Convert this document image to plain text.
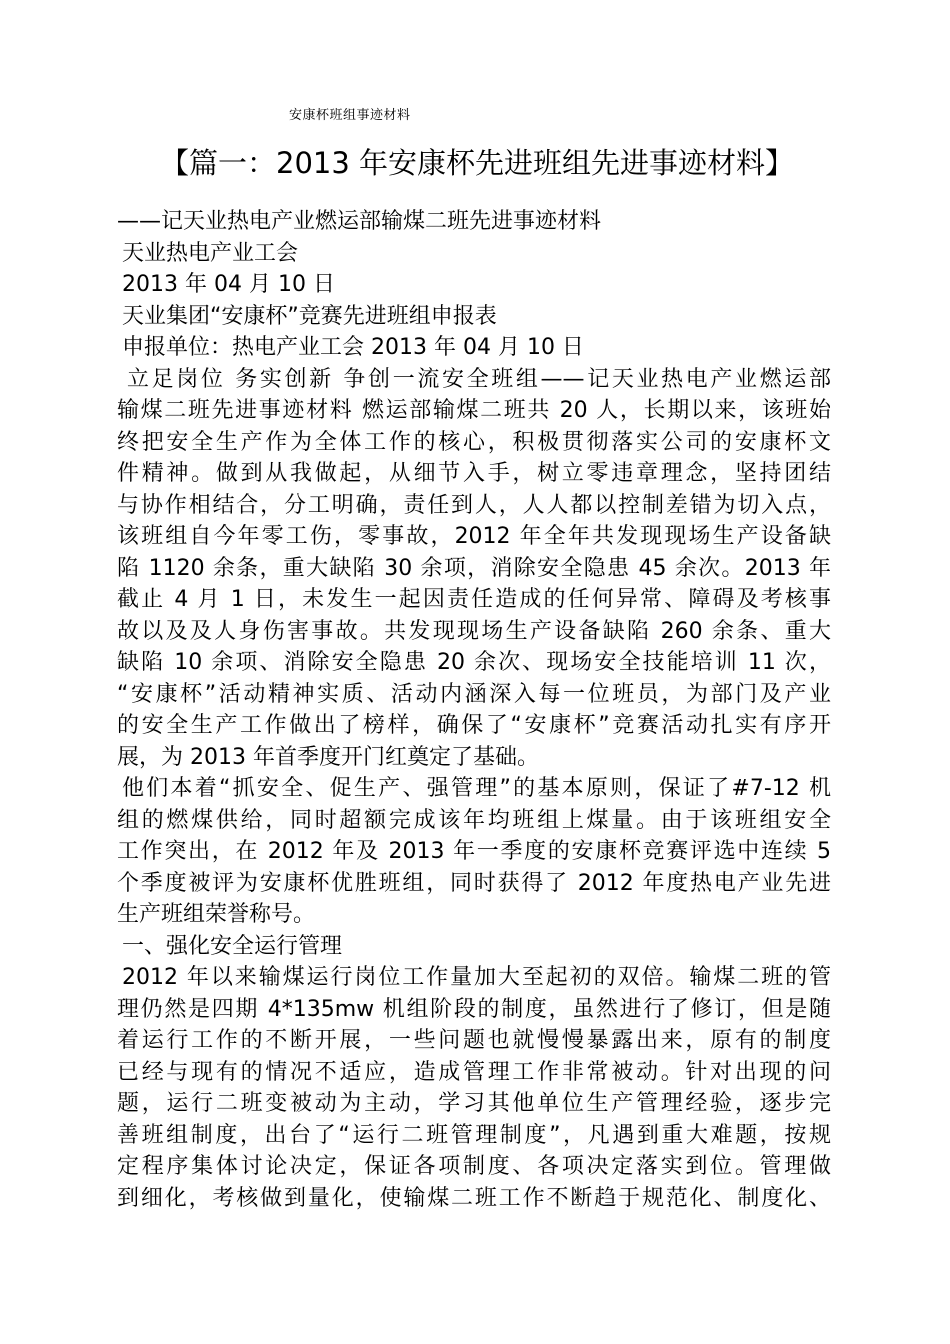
安康杯班组事迹材料
【篇一：2013 年安康杯先进班组先进事迹材料】
——记天业热电产业燃运部输煤二班先进事迹材料
天业热电产业工会
2013 年 04 月 10 日
天业集团“安康杯”竞赛先进班组申报表
申报单位：热电产业工会 2013 年 04 月 10 日
立足岗位 务实创新 争创一流安全班组——记天业热电产业燃运部
输煤二班先进事迹材料 燃运部输煤二班共 20 人，长期以来，该班始
终把安全生产作为全体工作的核心，积极贯彻落实公司的安康杯文
件精神。做到从我做起，从细节入手，树立零违章理念，坚持团结
与协作相结合，分工明确，责任到人，人人都以控制差错为切入点，
该班组自今年零工伤，零事故，2012 年全年共发现现场生产设备缺
陷 1120 余条，重大缺陷 30 余项，消除安全隐患 45 余次。2013 年
截止 4 月 1 日，未发生一起因责任造成的任何异常、障碍及考核事
故以及及人身伤害事故。共发现现场生产设备缺陷 260 余条、重大
缺陷 10 余项、消除安全隐患 20 余次、现场安全技能培训 11 次，
“安康杯”活动精神实质、活动内涵深入每一位班员，为部门及产业
的安全生产工作做出了榜样，确保了“安康杯”竞赛活动扎实有序开
展，为 2013 年首季度开门红奠定了基础。
他们本着“抓安全、促生产、强管理”的基本原则，保证了#7-12 机
组的燃煤供给，同时超额完成该年均班组上煤量。由于该班组安全
工作突出，在 2012 年及 2013 年一季度的安康杯竞赛评选中连续 5
个季度被评为安康杯优胜班组，同时获得了 2012 年度热电产业先进
生产班组荣誉称号。
一、强化安全运行管理
2012 年以来输煤运行岗位工作量加大至起初的双倍。输煤二班的管
理仍然是四期 4*135mw 机组阶段的制度，虽然进行了修订，但是随
着运行工作的不断开展，一些问题也就慢慢暴露出来，原有的制度
已经与现有的情况不适应，造成管理工作非常被动。针对出现的问
题，运行二班变被动为主动，学习其他单位生产管理经验，逐步完
善班组制度，出台了“运行二班管理制度”，凡遇到重大难题，按规
定程序集体讨论决定，保证各项制度、各项决定落实到位。管理做
到细化，考核做到量化，使输煤二班工作不断趋于规范化、制度化、
